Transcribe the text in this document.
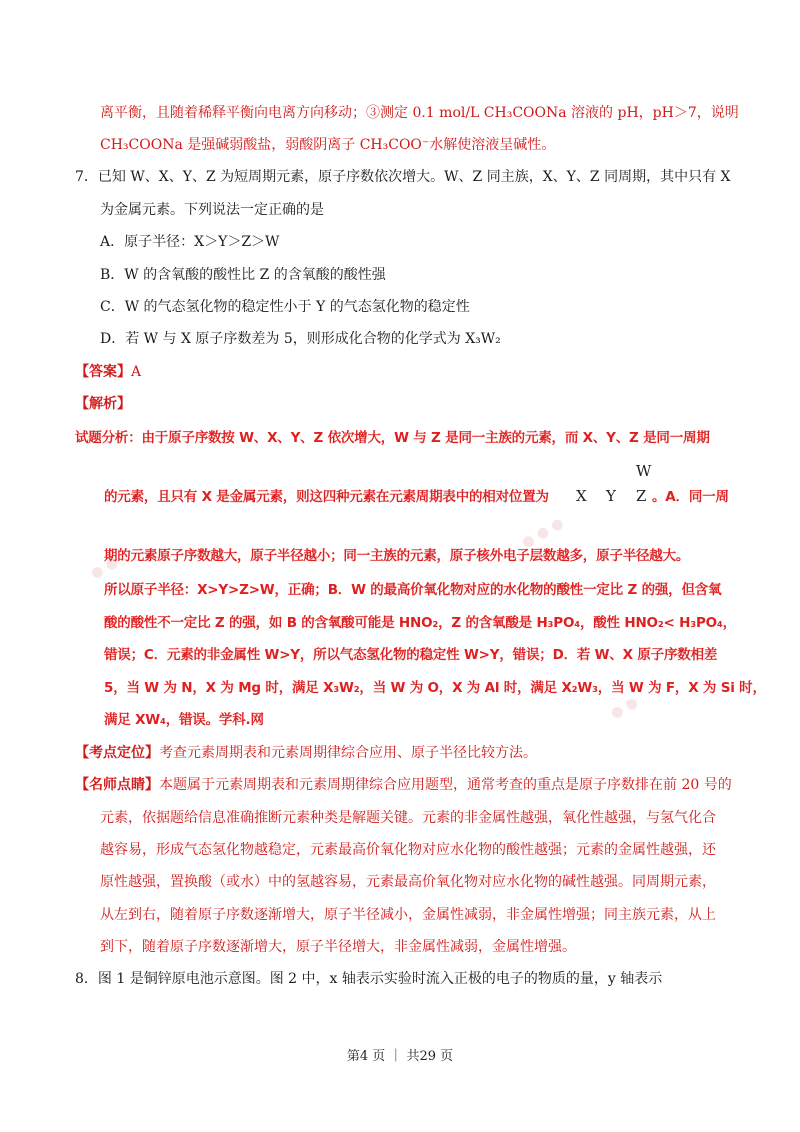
● ● ●
● ●
● ●
离平衡，且随着稀释平衡向电离方向移动；③测定 0.1 mol/L CH₃COONa 溶液的 pH，pH＞7，说明
CH₃COONa 是强碱弱酸盐，弱酸阴离子 CH₃COO⁻水解使溶液呈碱性。
7．已知 W、X、Y、Z 为短周期元素，原子序数依次增大。W、Z 同主族，X、Y、Z 同周期，其中只有 X
为金属元素。下列说法一定正确的是
A．原子半径：X＞Y＞Z＞W
B．W 的含氧酸的酸性比 Z 的含氧酸的酸性强
C．W 的气态氢化物的稳定性小于 Y 的气态氢化物的稳定性
D．若 W 与 X 原子序数差为 5，则形成化合物的化学式为 X₃W₂
【答案】A
【解析】
试题分析：由于原子序数按 W、X、Y、Z 依次增大，W 与 Z 是同一主族的元素，而 X、Y、Z 是同一周期
W
的元素，且只有 X 是金属元素，则这四种元素在元素周期表中的相对位置为 X Y Z 。A．同一周
期的元素原子序数越大，原子半径越小；同一主族的元素，原子核外电子层数越多，原子半径越大。
所以原子半径：X>Y>Z>W，正确；B．W 的最高价氧化物对应的水化物的酸性一定比 Z 的强，但含氧
酸的酸性不一定比 Z 的强，如 B 的含氧酸可能是 HNO₂，Z 的含氧酸是 H₃PO₄，酸性 HNO₂< H₃PO₄，
错误；C．元素的非金属性 W>Y，所以气态氢化物的稳定性 W>Y，错误；D．若 W、X 原子序数相差
5，当 W 为 N，X 为 Mg 时，满足 X₃W₂，当 W 为 O，X 为 Al 时，满足 X₂W₃，当 W 为 F，X 为 Si 时，
满足 XW₄，错误。学科.网
【考点定位】考查元素周期表和元素周期律综合应用、原子半径比较方法。
【名师点睛】本题属于元素周期表和元素周期律综合应用题型，通常考查的重点是原子序数排在前 20 号的
元素，依据题给信息准确推断元素种类是解题关键。元素的非金属性越强，氧化性越强，与氢气化合
越容易，形成气态氢化物越稳定，元素最高价氧化物对应水化物的酸性越强；元素的金属性越强，还
原性越强，置换酸（或水）中的氢越容易，元素最高价氧化物对应水化物的碱性越强。同周期元素，
从左到右，随着原子序数逐渐增大，原子半径减小，金属性减弱，非金属性增强；同主族元素，从上
到下，随着原子序数逐渐增大，原子半径增大，非金属性减弱，金属性增强。
8．图 1 是铜锌原电池示意图。图 2 中，x 轴表示实验时流入正极的电子的物质的量，y 轴表示
第4 页 ｜ 共29 页
